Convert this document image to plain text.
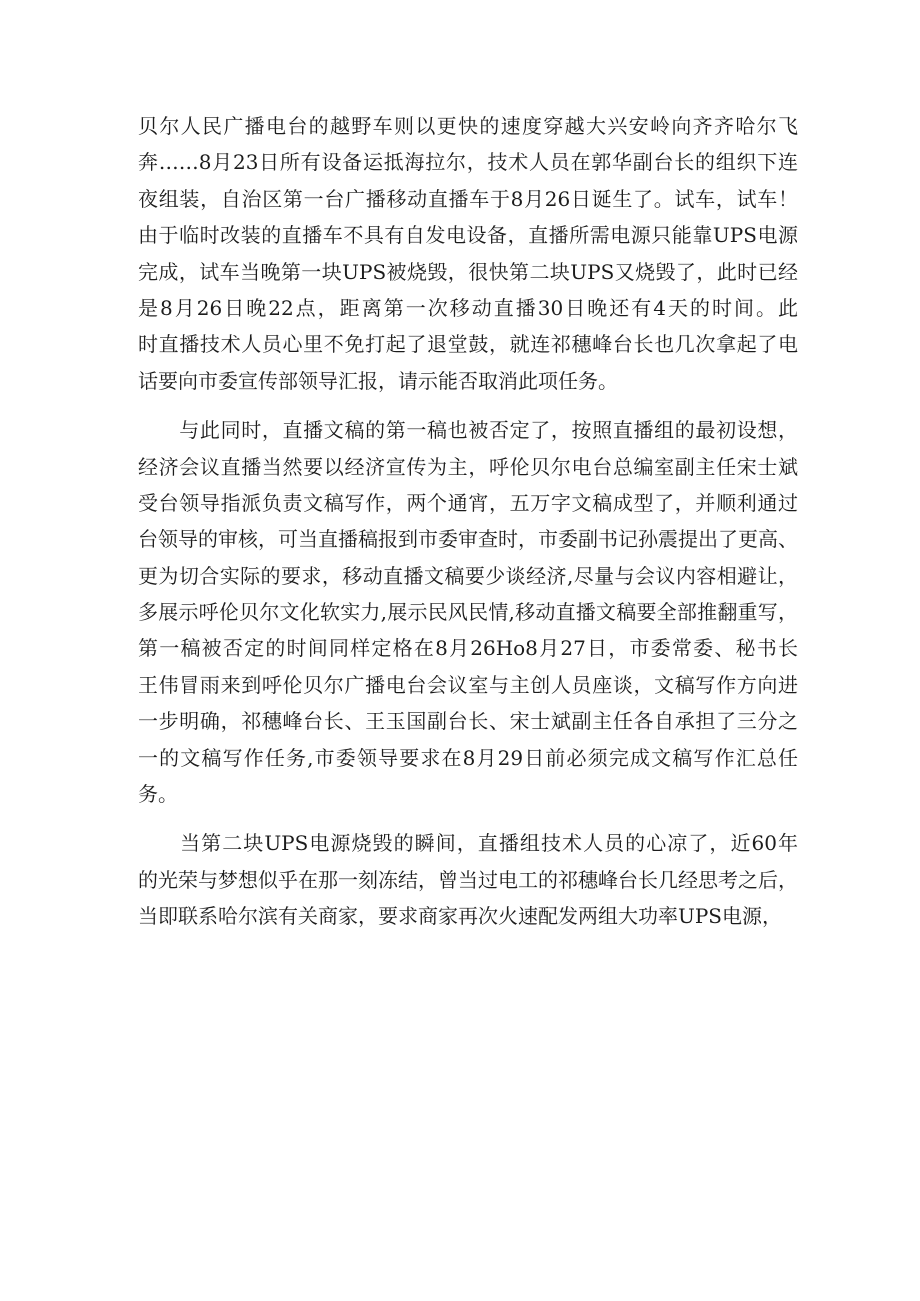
贝尔人民广播电台的越野车则以更快的速度穿越大兴安岭向齐齐哈尔飞
奔……8月23日所有设备运抵海拉尔，技术人员在郭华副台长的组织下连
夜组装，自治区第一台广播移动直播车于8月26日诞生了。试车，试车！
由于临时改装的直播车不具有自发电设备，直播所需电源只能靠UPS电源
完成，试车当晚第一块UPS被烧毁，很快第二块UPS又烧毁了，此时已经
是8月26日晚22点，距离第一次移动直播30日晚还有4天的时间。此
时直播技术人员心里不免打起了退堂鼓，就连祁穗峰台长也几次拿起了电
话要向市委宣传部领导汇报，请示能否取消此项任务。
　　与此同时，直播文稿的第一稿也被否定了，按照直播组的最初设想，
经济会议直播当然要以经济宣传为主，呼伦贝尔电台总编室副主任宋士斌
受台领导指派负责文稿写作，两个通宵，五万字文稿成型了，并顺利通过
台领导的审核，可当直播稿报到市委审查时，市委副书记孙震提出了更高、
更为切合实际的要求，移动直播文稿要少谈经济,尽量与会议内容相避让，
多展示呼伦贝尔文化软实力,展示民风民情,移动直播文稿要全部推翻重写，
第一稿被否定的时间同样定格在8月26Ho8月27日，市委常委、秘书长
王伟冒雨来到呼伦贝尔广播电台会议室与主创人员座谈，文稿写作方向进
一步明确，祁穗峰台长、王玉国副台长、宋士斌副主任各自承担了三分之
一的文稿写作任务,市委领导要求在8月29日前必须完成文稿写作汇总任
务。
　　当第二块UPS电源烧毁的瞬间，直播组技术人员的心凉了，近60年
的光荣与梦想似乎在那一刻冻结，曾当过电工的祁穗峰台长几经思考之后，
当即联系哈尔滨有关商家，要求商家再次火速配发两组大功率UPS电源，
